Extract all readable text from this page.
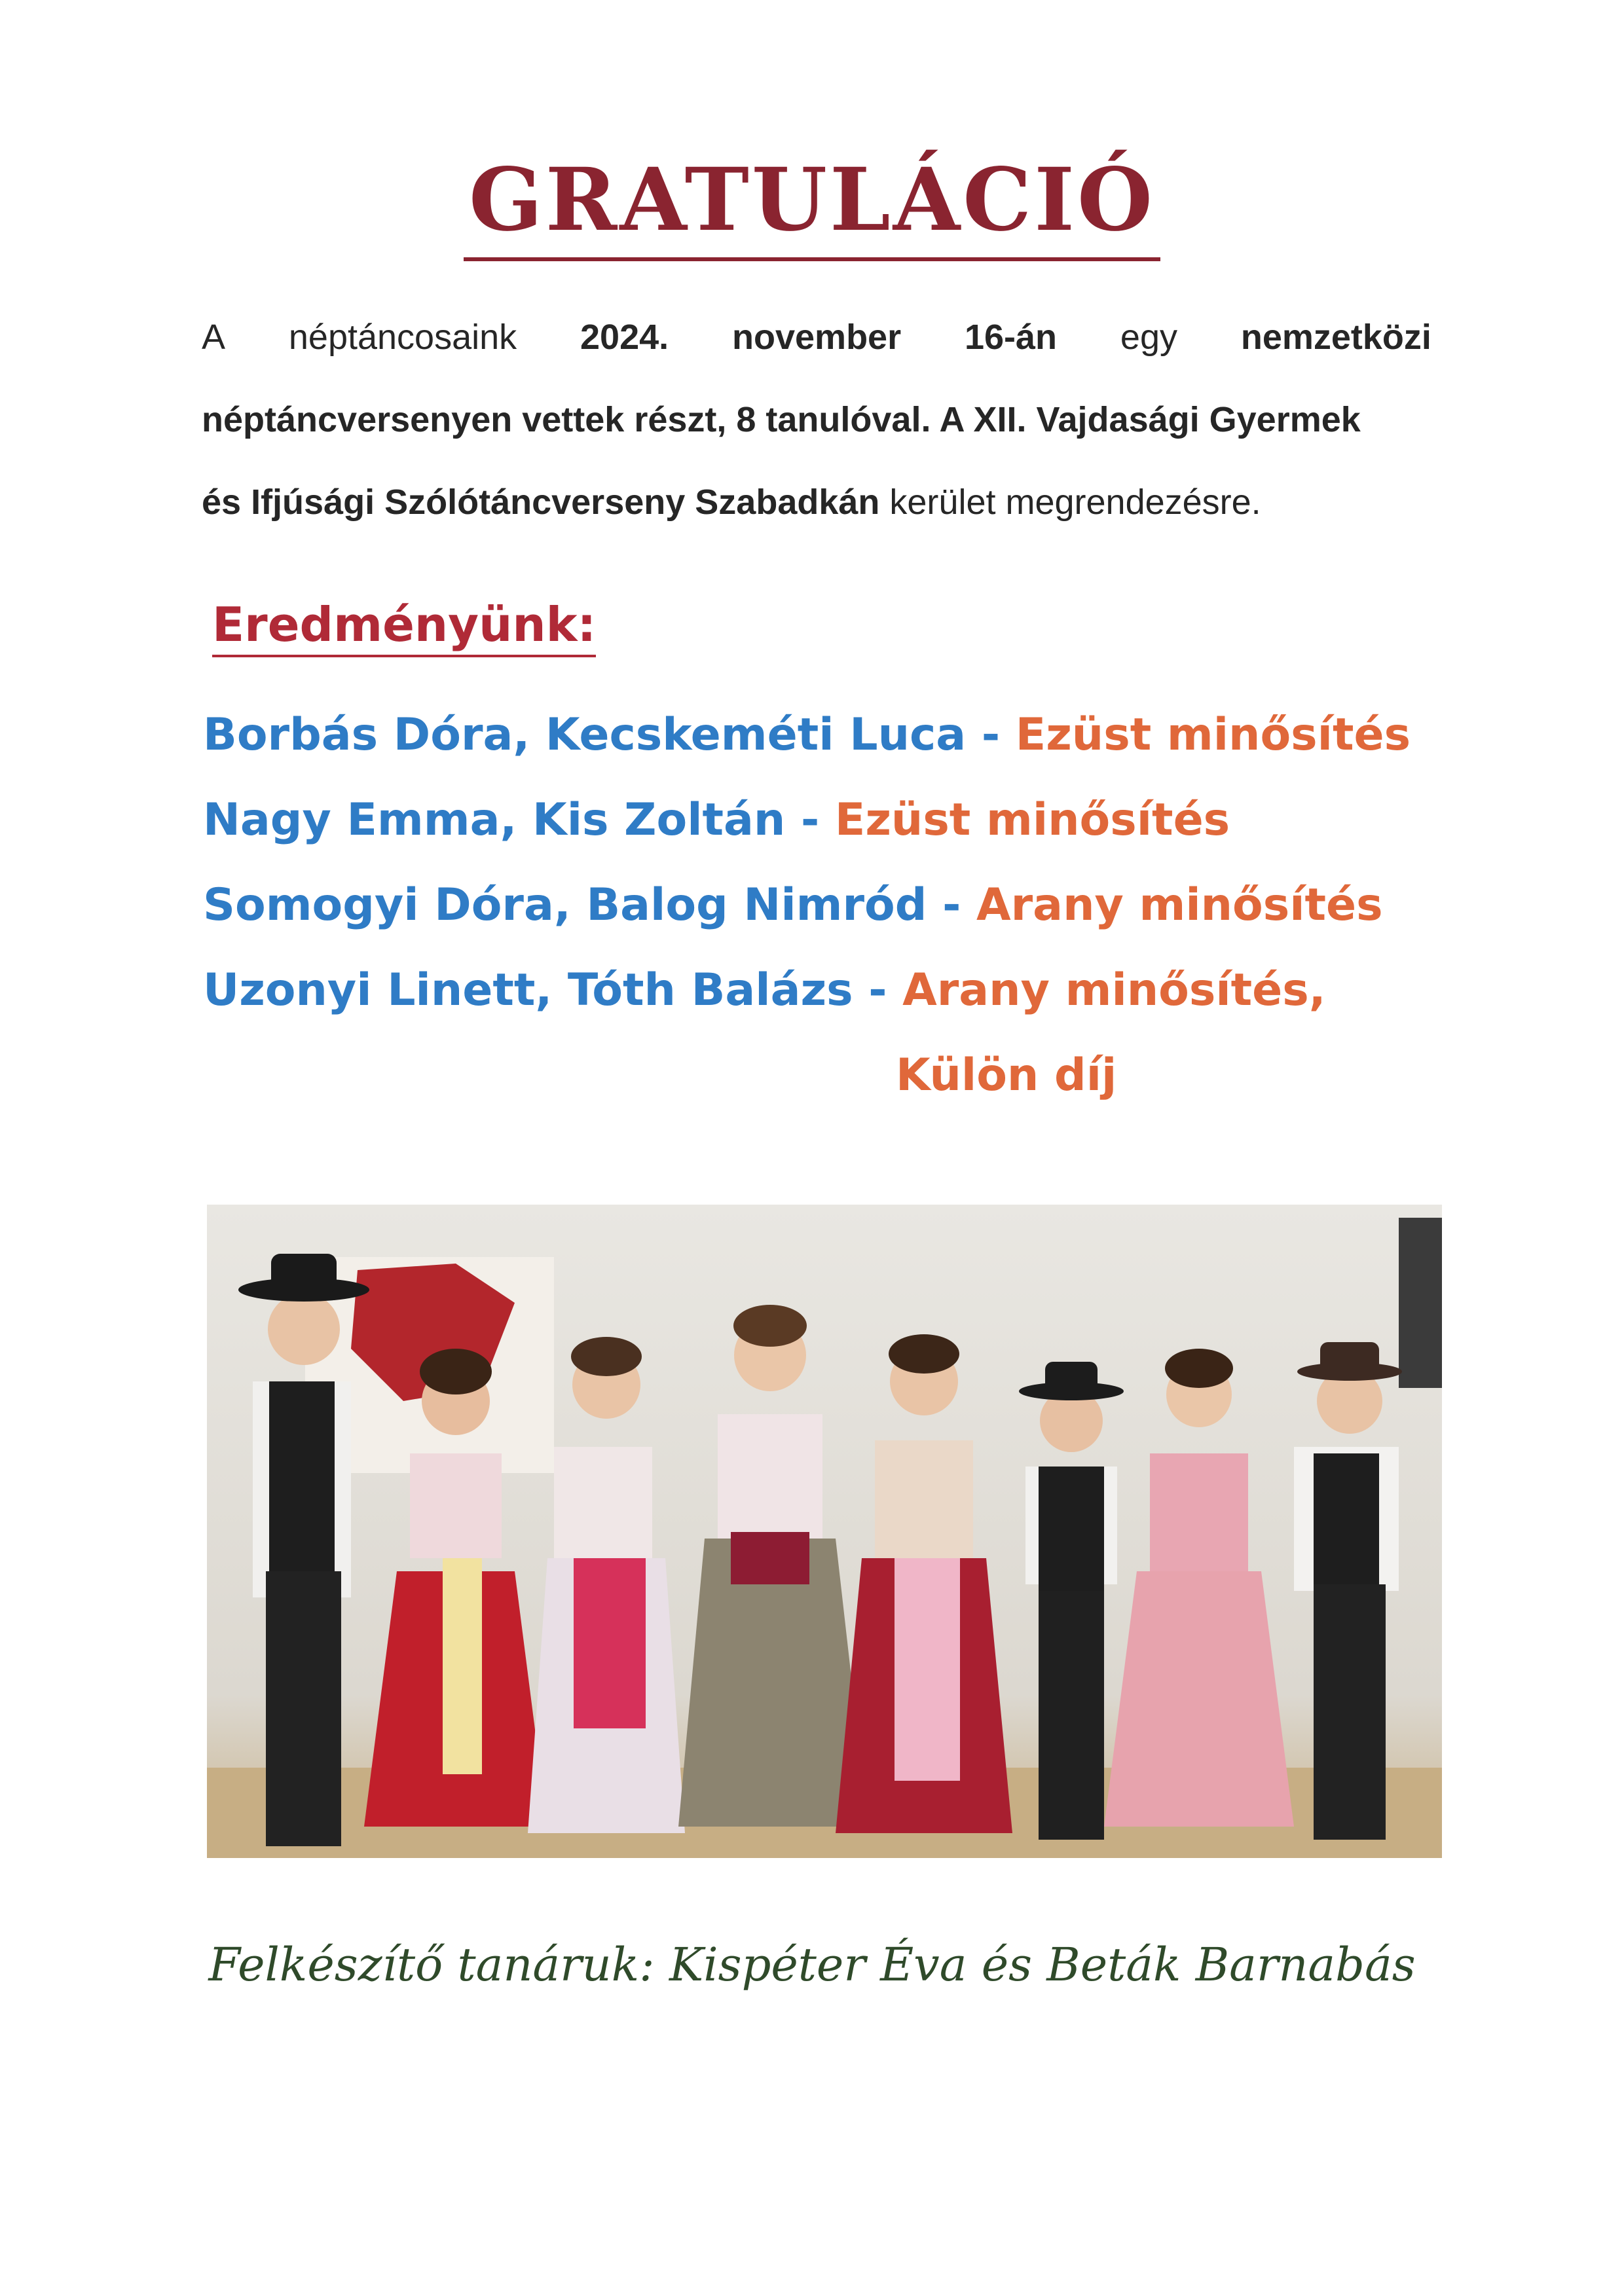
GRATULÁCIÓ
A néptáncosaink 2024. november 16-án egy nemzetközi
néptáncversenyen vettek részt, 8 tanulóval. A XII. Vajdasági Gyermek
és Ifjúsági Szólótáncverseny Szabadkán kerület megrendezésre.
Eredményünk:
Borbás Dóra, Kecskeméti Luca - Ezüst minősítés
Nagy Emma, Kis Zoltán - Ezüst minősítés
Somogyi Dóra, Balog Nimród - Arany minősítés
Uzonyi Linett, Tóth Balázs - Arany minősítés,
Külön díj
Felkészítő tanáruk: Kispéter Éva és Beták Barnabás
